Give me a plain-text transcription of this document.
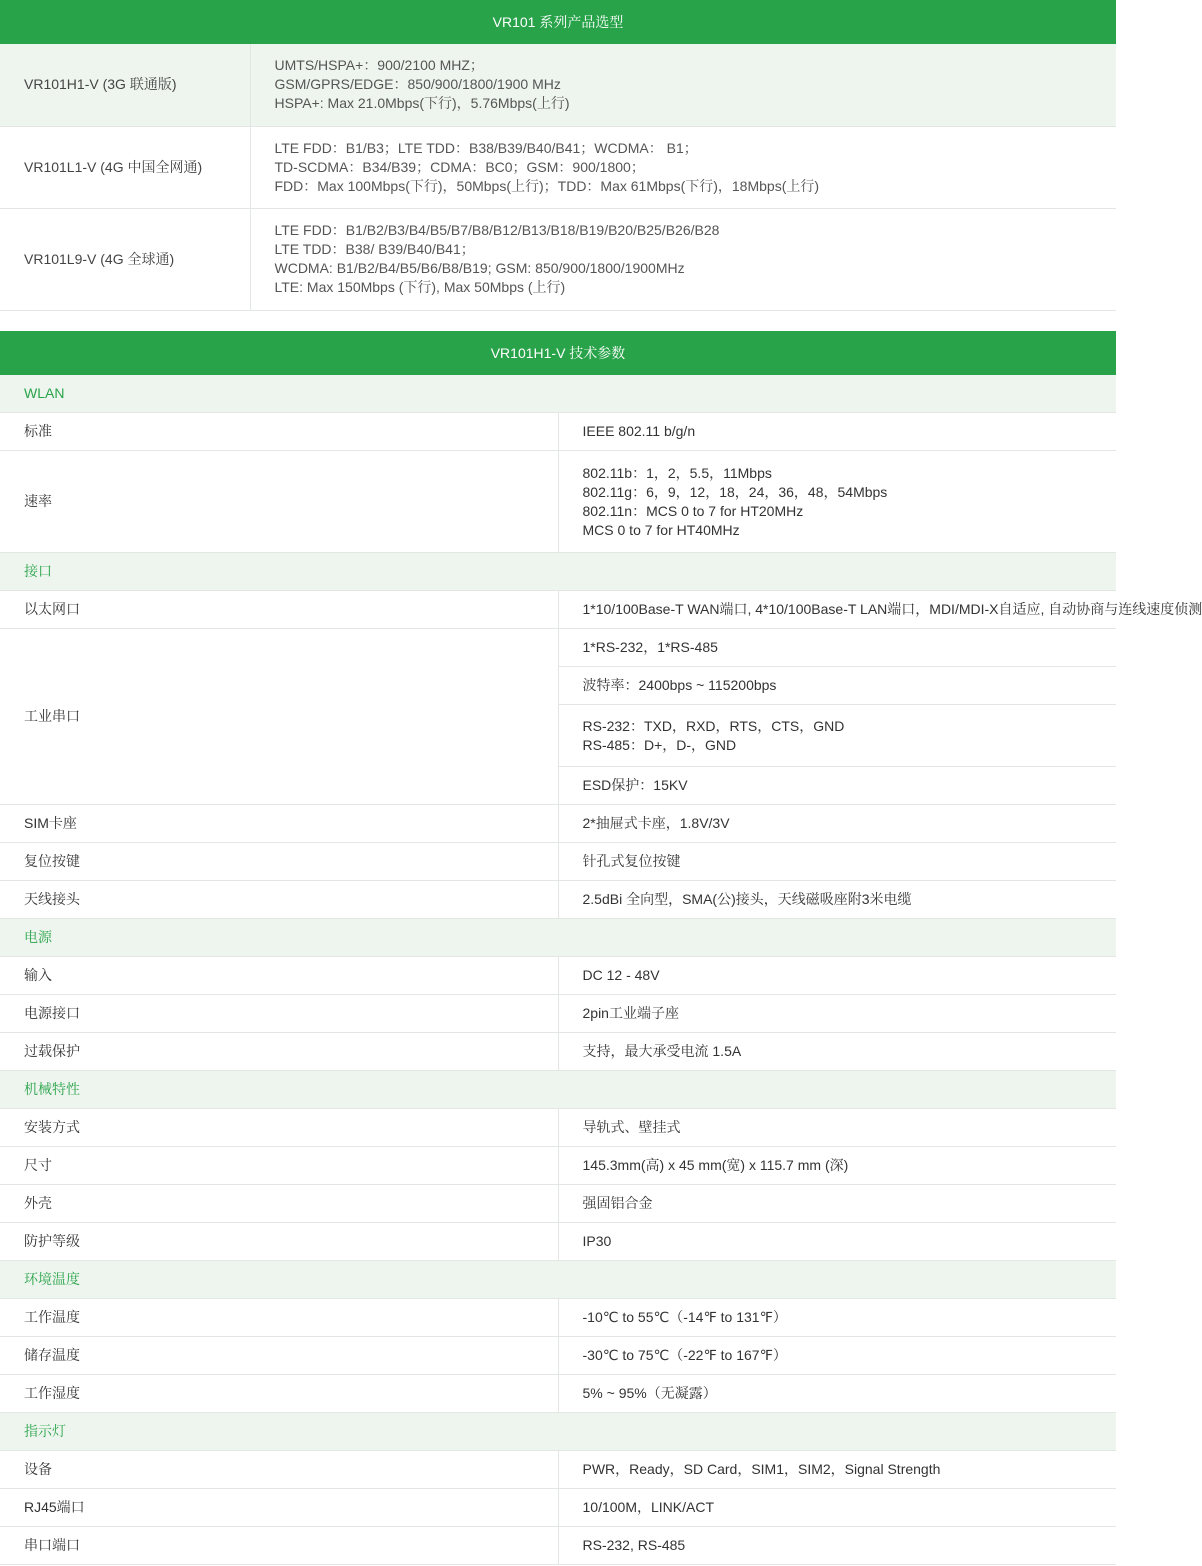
VR101 系列产品选型
VR101H1-V (3G 联通版)	UMTS/HSPA+：900/2100 MHZ；
GSM/GPRS/EDGE：850/900/1800/1900 MHz
HSPA+: Max 21.0Mbps(下行)，5.76Mbps(上行)

VR101L1-V (4G 中国全网通)	LTE FDD：B1/B3；LTE TDD：B38/B39/B40/B41；WCDMA： B1；
TD-SCDMA：B34/B39；CDMA：BC0；GSM：900/1800；
FDD：Max 100Mbps(下行)，50Mbps(上行)；TDD：Max 61Mbps(下行)，18Mbps(上行)

VR101L9-V (4G 全球通)	LTE FDD：B1/B2/B3/B4/B5/B7/B8/B12/B13/B18/B19/B20/B25/B26/B28
LTE TDD：B38/ B39/B40/B41；
WCDMA: B1/B2/B4/B5/B6/B8/B19; GSM: 850/900/1800/1900MHz
LTE: Max 150Mbps (下行), Max 50Mbps (上行)
VR101H1-V 技术参数
WLAN	
标准	IEEE 802.11 b/g/n
速率	802.11b：1，2，5.5，11Mbps
802.11g：6，9，12，18，24，36，48，54Mbps
802.11n：MCS 0 to 7 for HT20MHz
MCS 0 to 7 for HT40MHz

接口	
以太网口	1*10/100Base-T WAN端口, 4*10/100Base-T LAN端口，MDI/MDI-X自适应, 自动协商与连线速度侦测
工业串口	1*RS-232，1*RS-485
	波特率：2400bps ~ 115200bps

	RS-232：TXD，RXD，RTS，CTS，GND
RS-485：D+，D-，GND

	ESD保护：15KV
SIM卡座	2*抽屉式卡座，1.8V/3V
复位按键	针孔式复位按键
天线接头	2.5dBi 全向型，SMA(公)接头，天线磁吸座附3米电缆
电源	
输入	DC 12 - 48V
电源接口	2pin工业端子座
过载保护	支持，最大承受电流 1.5A
机械特性	
安装方式	导轨式、壁挂式
尺寸	145.3mm(高) x 45 mm(宽) x 115.7 mm (深)
外壳	强固铝合金
防护等级	IP30
环境温度	
工作温度	-10℃ to 55℃（-14℉ to 131℉）
储存温度	-30℃ to 75℃（-22℉ to 167℉）
工作湿度	5% ~ 95%（无凝露）
指示灯	
设备	PWR，Ready，SD Card，SIM1，SIM2，Signal Strength
RJ45端口	10/100M，LINK/ACT
串口端口	RS-232, RS-485
